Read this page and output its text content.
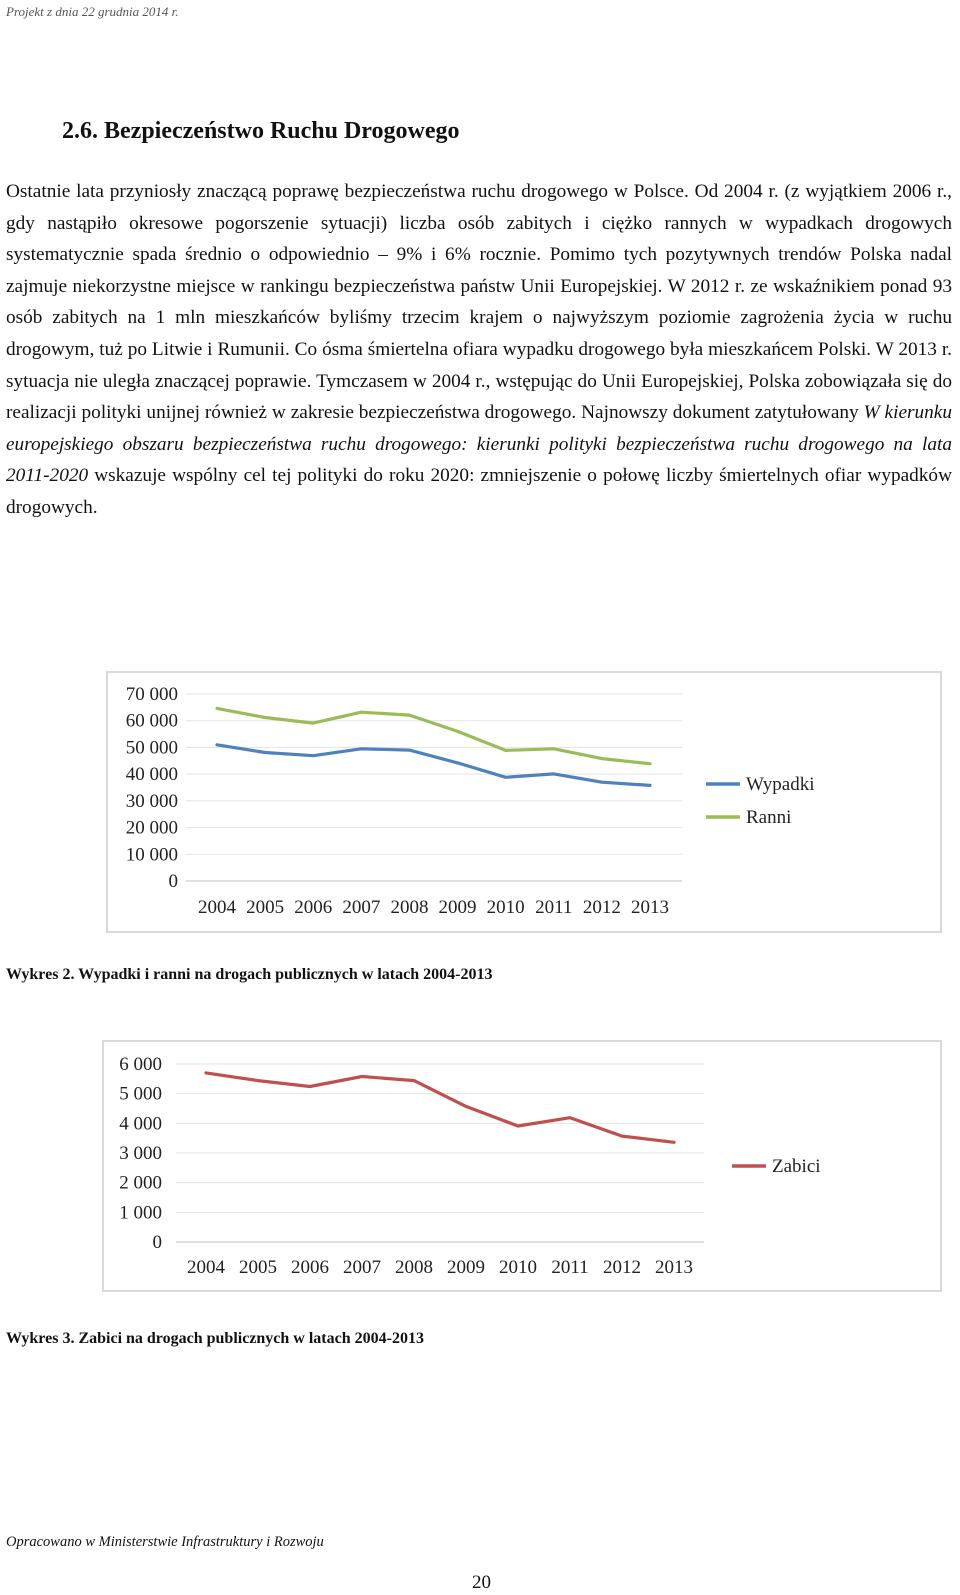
Projekt z dnia 22 grudnia 2014 r.
2.6. Bezpieczeństwo Ruchu Drogowego

Ostatnie lata przyniosły znaczącą poprawę bezpieczeństwa ruchu drogowego w Polsce. Od 2004 r. (z wyjątkiem 2006 r., gdy nastąpiło okresowe pogorszenie sytuacji) liczba osób zabitych i ciężko rannych w wypadkach drogowych systematycznie spada średnio o odpowiednio – 9% i 6% rocznie. Pomimo tych pozytywnych trendów Polska nadal zajmuje niekorzystne miejsce w rankingu bezpieczeństwa państw Unii Europejskiej. W 2012 r. ze wskaźnikiem ponad 93 osób zabitych na 1 mln mieszkańców byliśmy trzecim krajem o najwyższym poziomie zagrożenia życia w ruchu drogowym, tuż po Litwie i Rumunii. Co ósma śmiertelna ofiara wypadku drogowego była mieszkańcem Polski. W 2013 r. sytuacja nie uległa znaczącej poprawie. Tymczasem w 2004 r., wstępując do Unii Europejskiej, Polska zobowiązała się do realizacji polityki unijnej również w zakresie bezpieczeństwa drogowego. Najnowszy dokument zatytułowany W kierunku europejskiego obszaru bezpieczeństwa ruchu drogowego: kierunki polityki bezpieczeństwa ruchu drogowego na lata 2011-2020 wskazuje wspólny cel tej polityki do roku 2020: zmniejszenie o połowę liczby śmiertelnych ofiar wypadków drogowych.

0
10 000
20 000
30 000
40 000
50 000
60 000
70 000
2004 2005 2006 2007 2008 2009 2010 2011 2012 2013
Wypadki
Ranni
Wykres 2. Wypadki i ranni na drogach publicznych w latach 2004-2013
0
1 000
2 000
3 000
4 000
5 000
6 000
2004 2005 2006 2007 2008 2009 2010 2011 2012 2013
Zabici
Wykres 3. Zabici na drogach publicznych w latach 2004-2013
Opracowano w Ministerstwie Infrastruktury i Rozwoju
20
